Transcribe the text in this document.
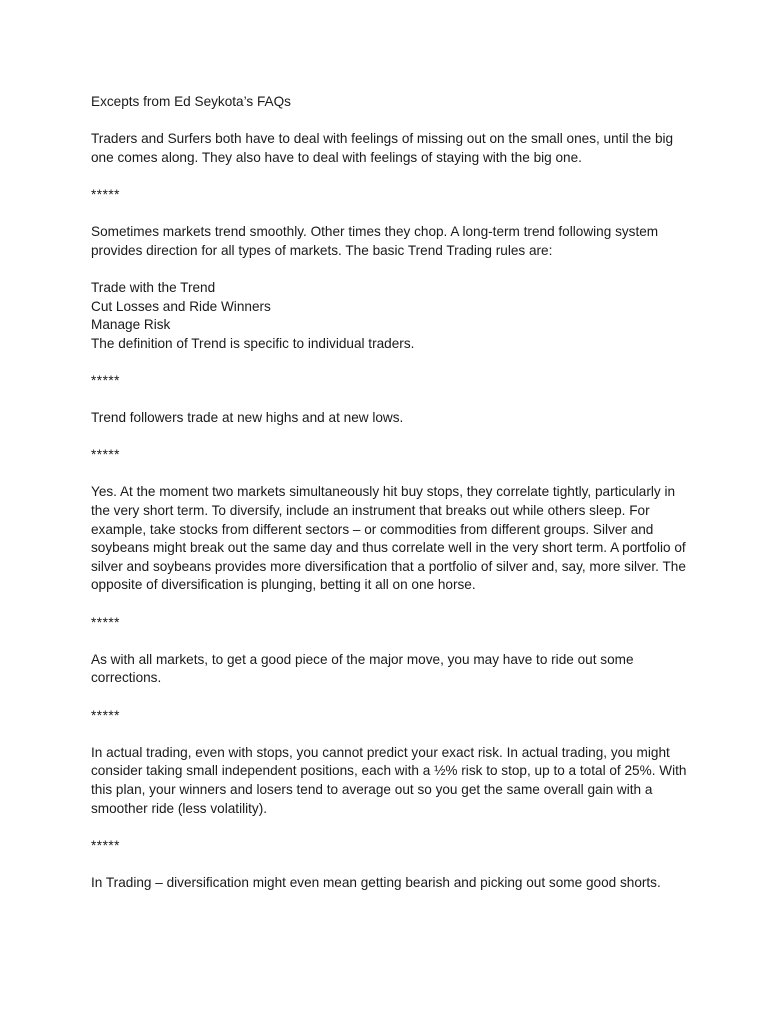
Excepts from Ed Seykota’s FAQs

Traders and Surfers both have to deal with feelings of missing out on the small ones, until the big one comes along. They also have to deal with feelings of staying with the big one.

*****

Sometimes markets trend smoothly. Other times they chop. A long-term trend following system provides direction for all types of markets. The basic Trend Trading rules are:

Trade with the Trend
Cut Losses and Ride Winners
Manage Risk
The definition of Trend is specific to individual traders.

*****

Trend followers trade at new highs and at new lows.

*****

Yes. At the moment two markets simultaneously hit buy stops, they correlate tightly, particularly in the very short term. To diversify, include an instrument that breaks out while others sleep. For example, take stocks from different sectors – or commodities from different groups. Silver and soybeans might break out the same day and thus correlate well in the very short term. A portfolio of silver and soybeans provides more diversification that a portfolio of silver and, say, more silver. The opposite of diversification is plunging, betting it all on one horse.

*****

As with all markets, to get a good piece of the major move, you may have to ride out some corrections.

*****

In actual trading, even with stops, you cannot predict your exact risk. In actual trading, you might consider taking small independent positions, each with a ½% risk to stop, up to a total of 25%. With this plan, your winners and losers tend to average out so you get the same overall gain with a smoother ride (less volatility).

*****

In Trading – diversification might even mean getting bearish and picking out some good shorts.
